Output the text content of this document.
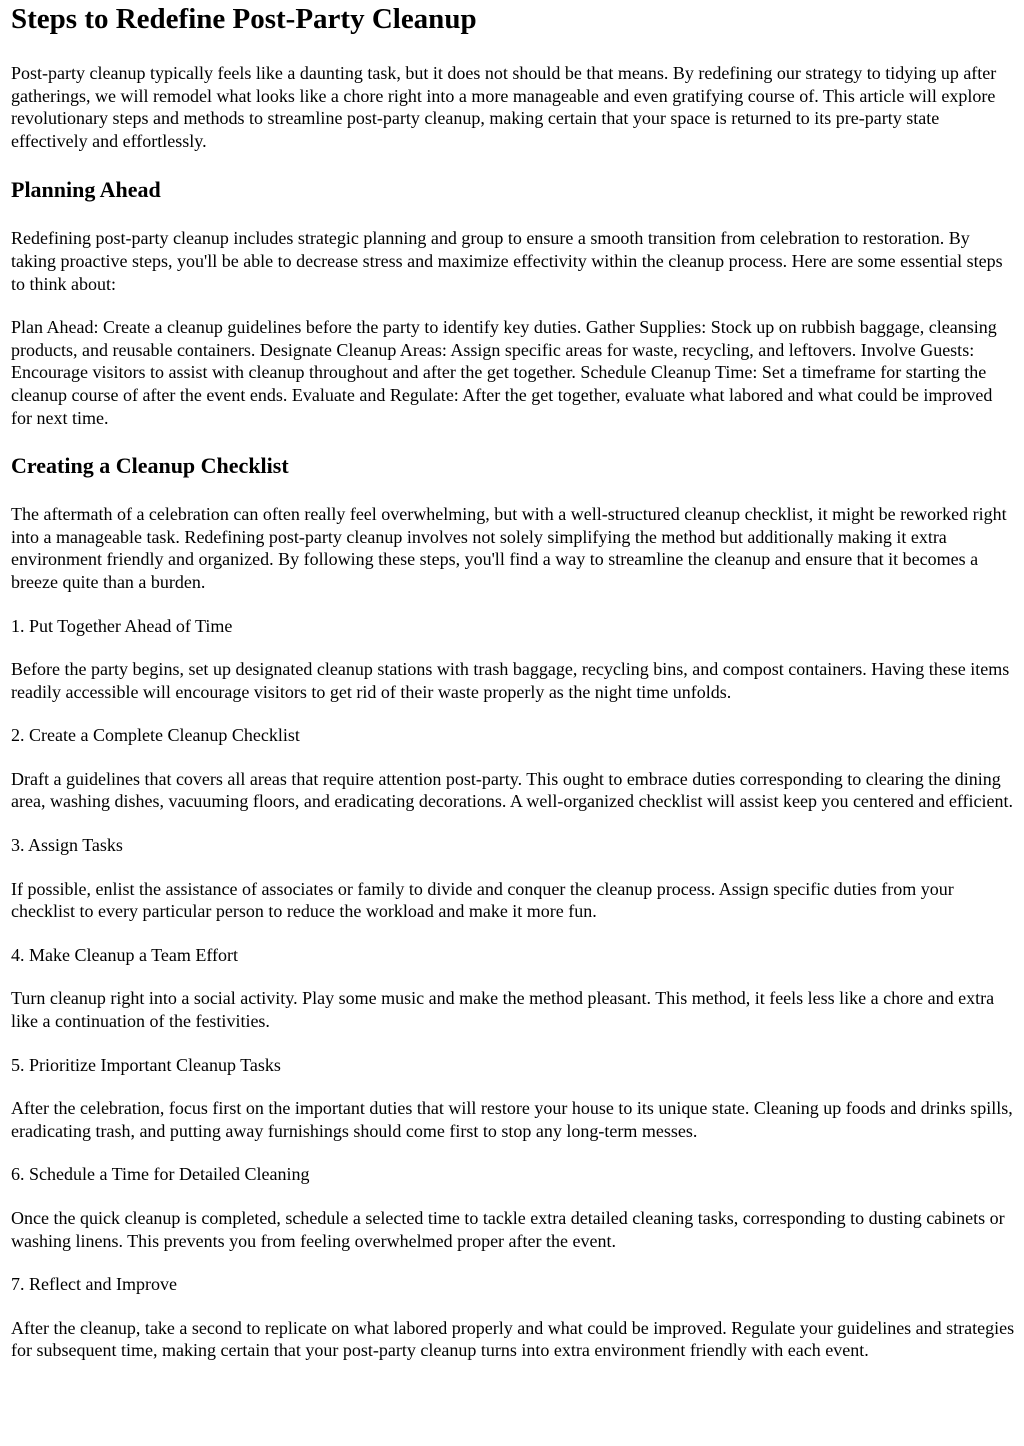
Steps to Redefine Post-Party Cleanup

Post-party cleanup typically feels like a daunting task, but it does not should be that means. By redefining our strategy to tidying up after gatherings, we will remodel what looks like a chore right into a more manageable and even gratifying course of. This article will explore revolutionary steps and methods to streamline post-party cleanup, making certain that your space is returned to its pre-party state effectively and effortlessly.

Planning Ahead

Redefining post-party cleanup includes strategic planning and group to ensure a smooth transition from celebration to restoration. By taking proactive steps, you'll be able to decrease stress and maximize effectivity within the cleanup process. Here are some essential steps to think about:

Plan Ahead: Create a cleanup guidelines before the party to identify key duties. Gather Supplies: Stock up on rubbish baggage, cleansing products, and reusable containers. Designate Cleanup Areas: Assign specific areas for waste, recycling, and leftovers. Involve Guests: Encourage visitors to assist with cleanup throughout and after the get together. Schedule Cleanup Time: Set a timeframe for starting the cleanup course of after the event ends. Evaluate and Regulate: After the get together, evaluate what labored and what could be improved for next time.

Creating a Cleanup Checklist

The aftermath of a celebration can often really feel overwhelming, but with a well-structured cleanup checklist, it might be reworked right into a manageable task. Redefining post-party cleanup involves not solely simplifying the method but additionally making it extra environment friendly and organized. By following these steps, you'll find a way to streamline the cleanup and ensure that it becomes a breeze quite than a burden.

1. Put Together Ahead of Time

Before the party begins, set up designated cleanup stations with trash baggage, recycling bins, and compost containers. Having these items readily accessible will encourage visitors to get rid of their waste properly as the night time unfolds.

2. Create a Complete Cleanup Checklist

Draft a guidelines that covers all areas that require attention post-party. This ought to embrace duties corresponding to clearing the dining area, washing dishes, vacuuming floors, and eradicating decorations. A well-organized checklist will assist keep you centered and efficient.

3. Assign Tasks

If possible, enlist the assistance of associates or family to divide and conquer the cleanup process. Assign specific duties from your checklist to every particular person to reduce the workload and make it more fun.

4. Make Cleanup a Team Effort

Turn cleanup right into a social activity. Play some music and make the method pleasant. This method, it feels less like a chore and extra like a continuation of the festivities.

5. Prioritize Important Cleanup Tasks

After the celebration, focus first on the important duties that will restore your house to its unique state. Cleaning up foods and drinks spills, eradicating trash, and putting away furnishings should come first to stop any long-term messes.

6. Schedule a Time for Detailed Cleaning

Once the quick cleanup is completed, schedule a selected time to tackle extra detailed cleaning tasks, corresponding to dusting cabinets or washing linens. This prevents you from feeling overwhelmed proper after the event.

7. Reflect and Improve

After the cleanup, take a second to replicate on what labored properly and what could be improved. Regulate your guidelines and strategies for subsequent time, making certain that your post-party cleanup turns into extra environment friendly with each event.
